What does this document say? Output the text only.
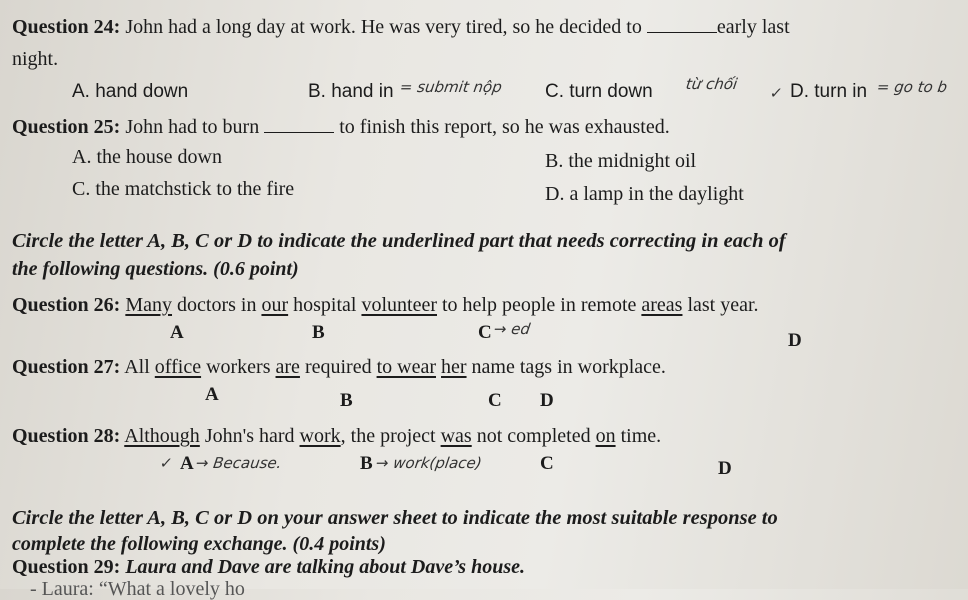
Question 24: John had a long day at work. He was very tired, so he decided to	early last
night.
A. hand down	B. hand in = submit nộp C. turn down từ chối ✓ D. turn in = go to b
Question 25: John had to burn	to finish this report, so he was exhausted.
A. the house down	B. the midnight oil
C. the matchstick to the fire	D. a lamp in the daylight
Circle the letter A, B, C or D to indicate the underlined part that needs correcting in each of
the following questions. (0.6 point)
Question 26: Many doctors in our hospital volunteer to help people in remote areas last year.
A	B	C → ed
D
Question 27: All office workers are required to wear her name tags in workplace.
A	B	C D
Question 28: Although John's hard work, the project was not completed on time.
✓ A → Because.	B → work(place)	C	D
Circle the letter A, B, C or D on your answer sheet to indicate the most suitable response to
complete the following exchange. (0.4 points)
Question 29: Laura and Dave are talking about Dave’s house.
- Laura: “What a lovely ho
